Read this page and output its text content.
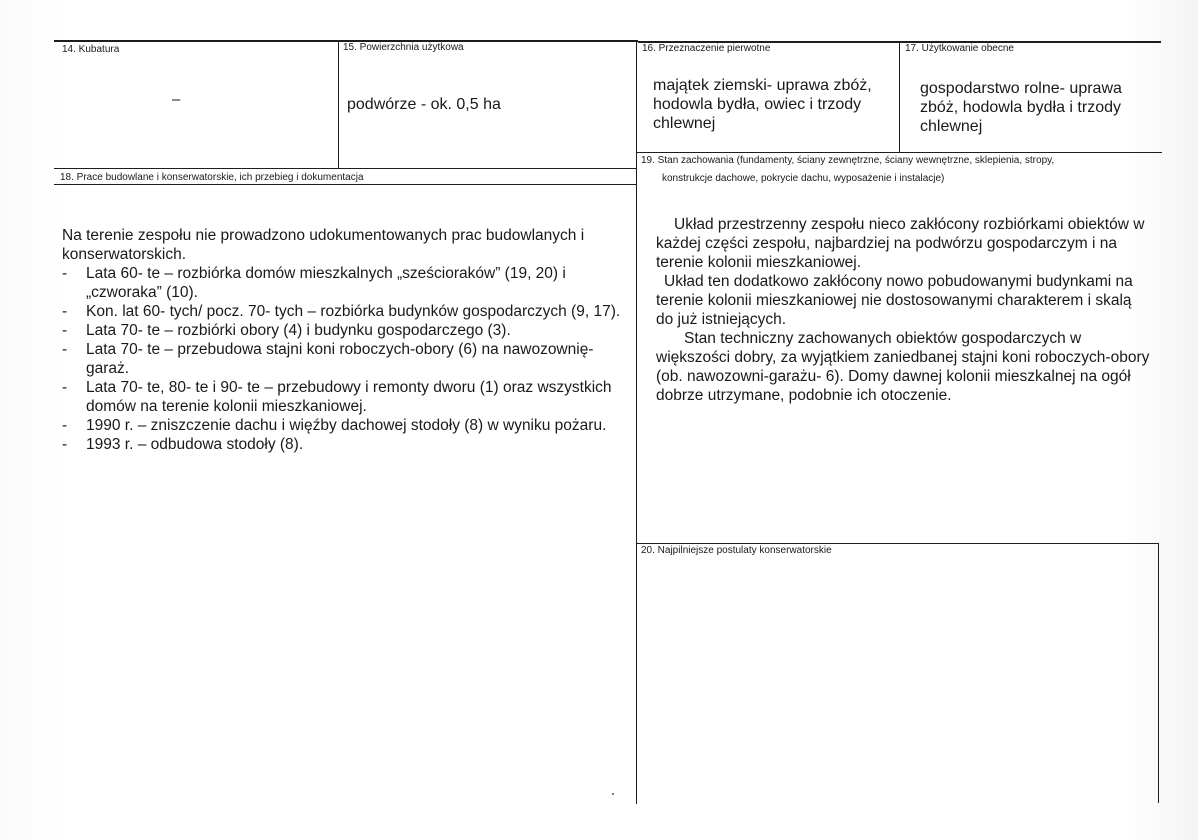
14. Kubatura
–
15. Powierzchnia użytkowa
podwórze - ok. 0,5 ha
16. Przeznaczenie pierwotne
majątek ziemski- uprawa zbóż, hodowla bydła, owiec i trzody chlewnej
17. Użytkowanie obecne
gospodarstwo rolne- uprawa zbóż, hodowla bydła i trzody chlewnej
18. Prace budowlane i konserwatorskie, ich przebieg i dokumentacja

Na terenie zespołu nie prowadzono udokumentowanych prac budowlanych i konserwatorskich.

- Lata 60- te – rozbiórka domów mieszkalnych „sześcioraków” (19, 20) i „czworaka” (10).
- Kon. lat 60- tych/ pocz. 70- tych – rozbiórka budynków gospodarczych (9, 17).
- Lata 70- te – rozbiórki obory (4) i budynku gospodarczego (3).
- Lata 70- te – przebudowa stajni koni roboczych-obory (6) na nawozownię-garaż.
- Lata 70- te, 80- te i 90- te – przebudowy i remonty dworu (1) oraz wszystkich domów na terenie kolonii mieszkaniowej.
- 1990 r. – zniszczenie dachu i więźby dachowej stodoły (8) w wyniku pożaru.
- 1993 r. – odbudowa stodoły (8).
19. Stan zachowania (fundamenty, ściany zewnętrzne, ściany wewnętrzne, sklepienia, stropy,
konstrukcje dachowe, pokrycie dachu, wyposażenie i instalacje)

Układ przestrzenny zespołu nieco zakłócony rozbiórkami obiektów w każdej części zespołu, najbardziej na podwórzu gospodarczym i na terenie kolonii mieszkaniowej.

Układ ten dodatkowo zakłócony nowo pobudowanymi budynkami na terenie kolonii mieszkaniowej nie dostosowanymi charakterem i skalą do już istniejących.

Stan techniczny zachowanych obiektów gospodarczych w większości dobry, za wyjątkiem zaniedbanej stajni koni roboczych-obory (ob. nawozowni-garażu- 6). Domy dawnej kolonii mieszkalnej na ogół dobrze utrzymane, podobnie ich otoczenie.

20. Najpilniejsze postulaty konserwatorskie
